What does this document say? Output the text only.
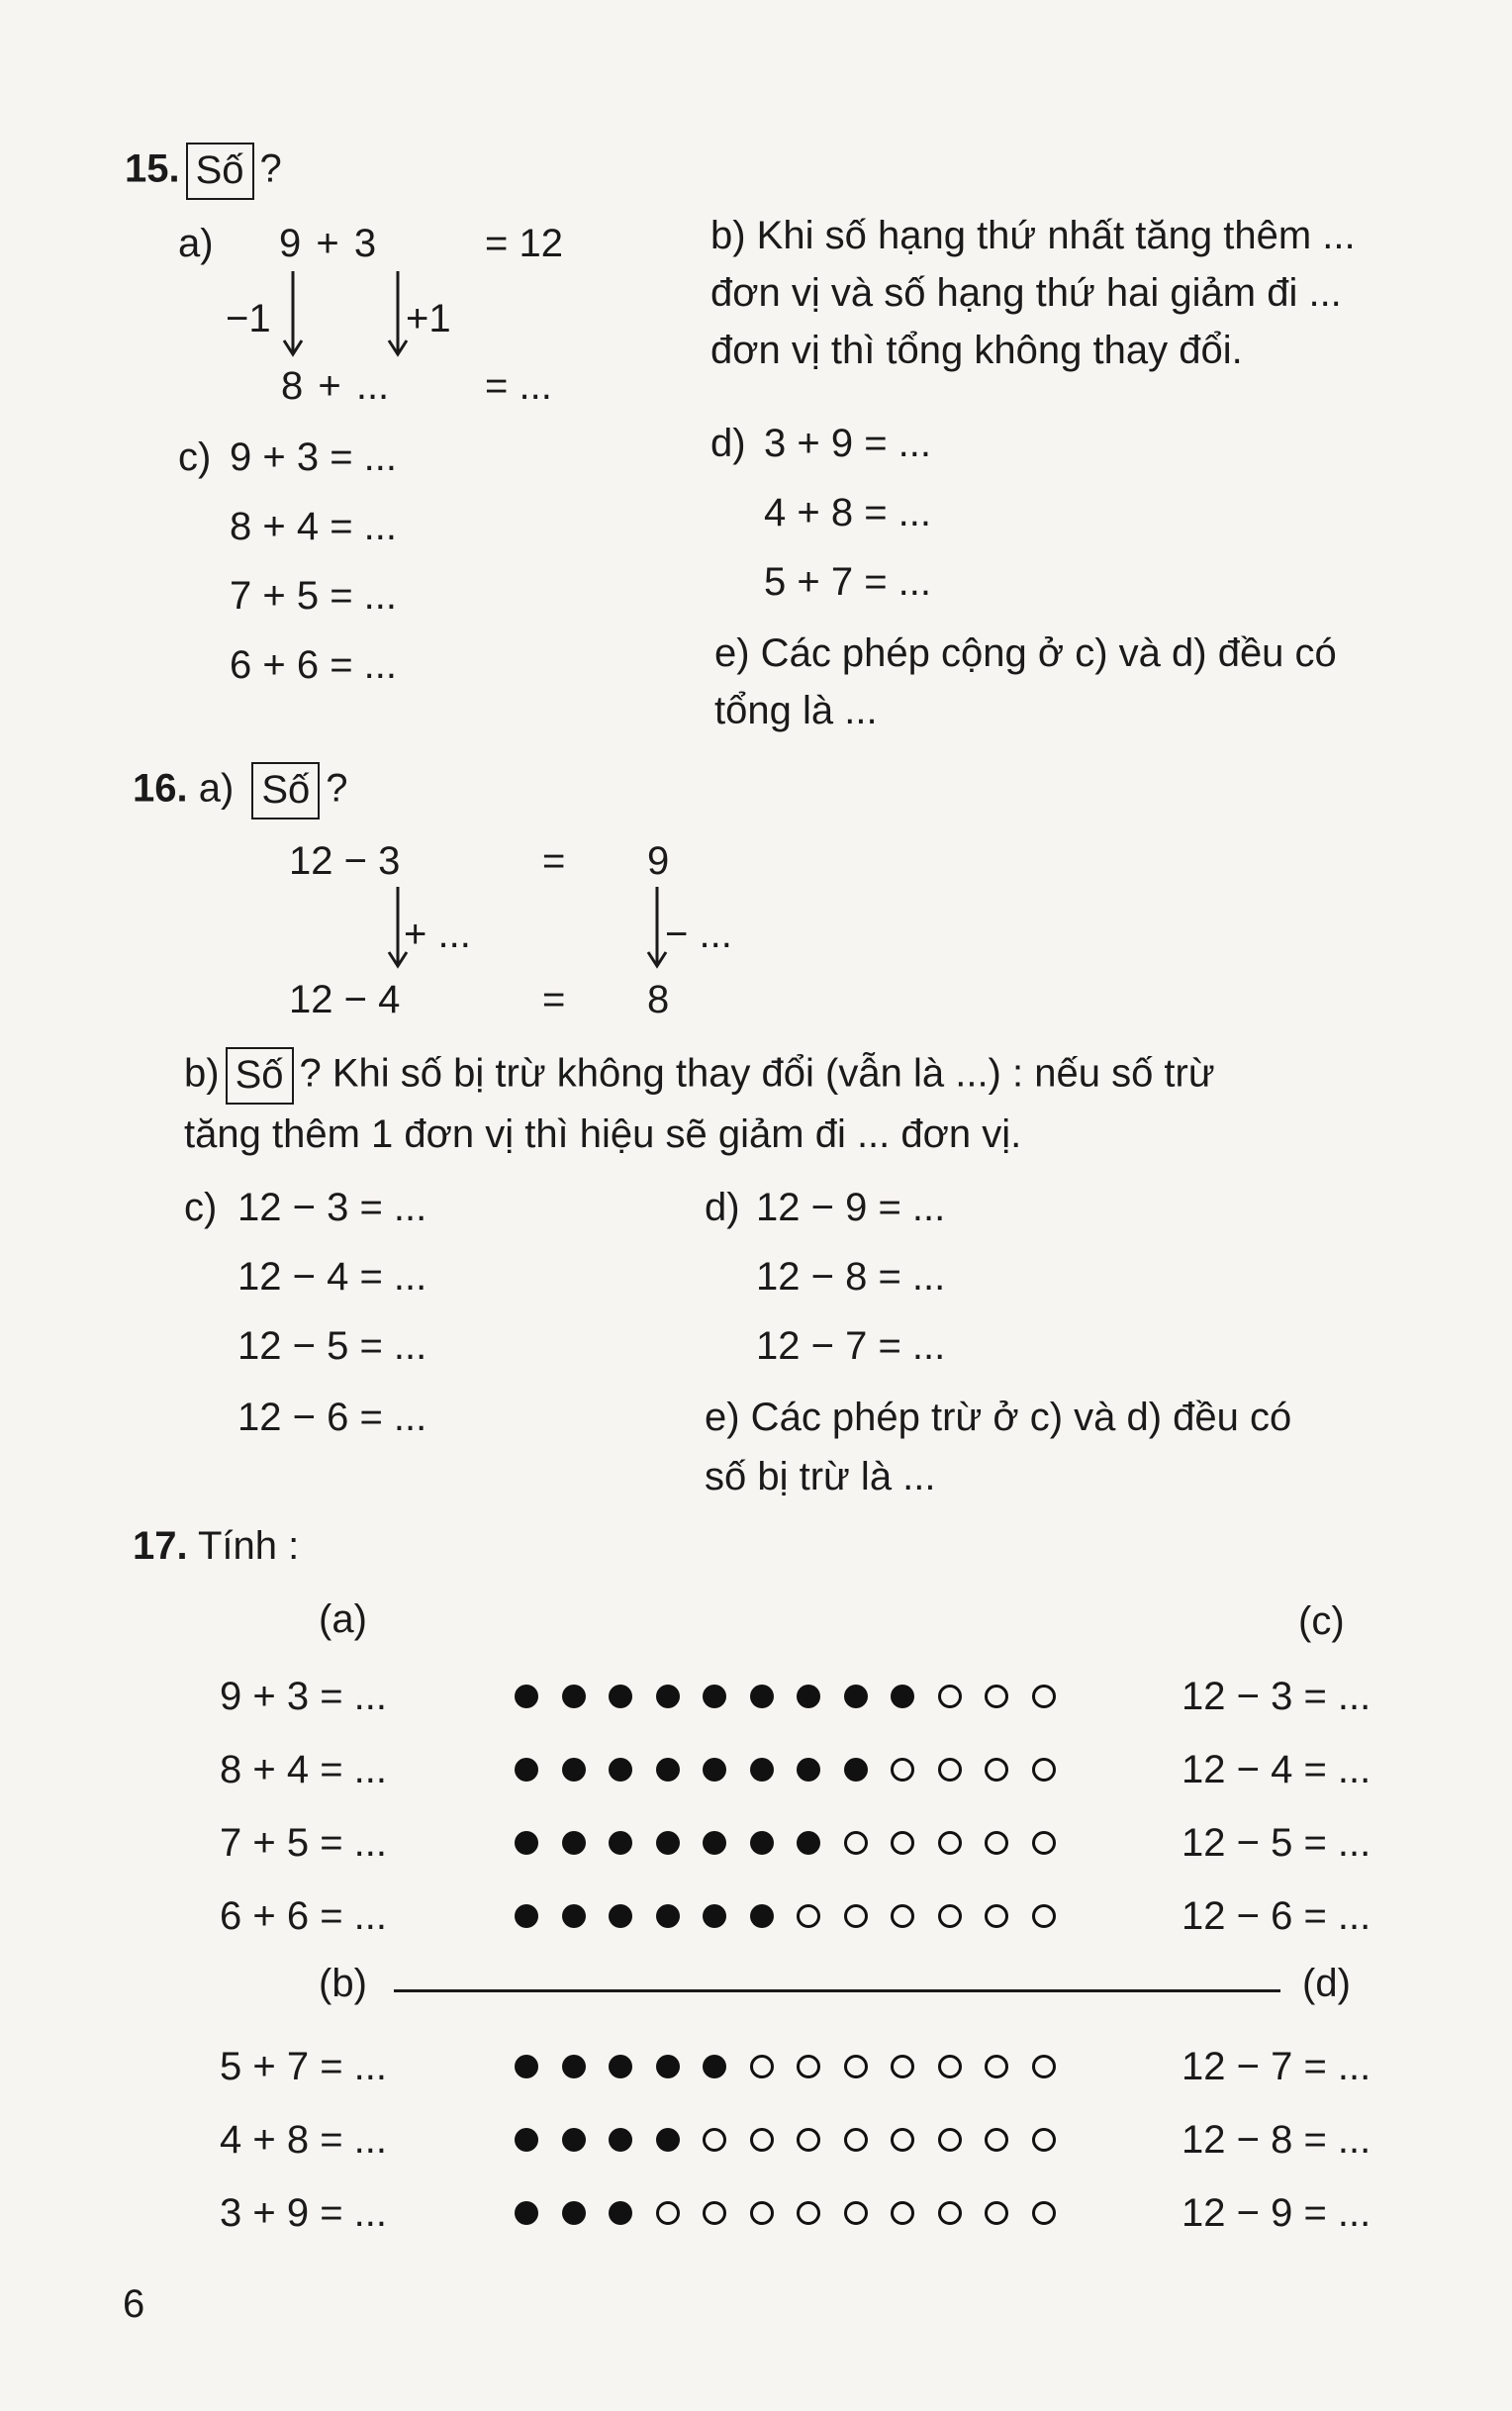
15. Số ?
a) 9 + 3	= 12
−1	+1
8 + ... = ...
b) Khi số hạng thứ nhất tăng thêm ...
đơn vị và số hạng thứ hai giảm đi ...
đơn vị thì tổng không thay đổi.
c) 9 + 3 = ...
8 + 4 = ...
7 + 5 = ...
6 + 6 = ...
d) 3 + 9 = ...
4 + 8 = ...
5 + 7 = ...
e) Các phép cộng ở c) và d) đều có
tổng là ...
16. a) Số ?
12 − 3	= 9
+ ...	− ...
12 − 4	= 8
b) Số ? Khi số bị trừ không thay đổi (vẫn là ...) : nếu số trừ
tăng thêm 1 đơn vị thì hiệu sẽ giảm đi ... đơn vị.
c) 12 − 3 = ...
12 − 4 = ...
12 − 5 = ...
12 − 6 = ...
d) 12 − 9 = ...
12 − 8 = ...
12 − 7 = ...
e) Các phép trừ ở c) và d) đều có
số bị trừ là ...
17. Tính :
(a)	(c)
(b)	(d)
9 + 3 = ...	12 − 3 = ...
8 + 4 = ...	12 − 4 = ...
7 + 5 = ...	12 − 5 = ...
6 + 6 = ...	12 − 6 = ...
5 + 7 = ...	12 − 7 = ...
4 + 8 = ...	12 − 8 = ...
3 + 9 = ...	12 − 9 = ...
6
